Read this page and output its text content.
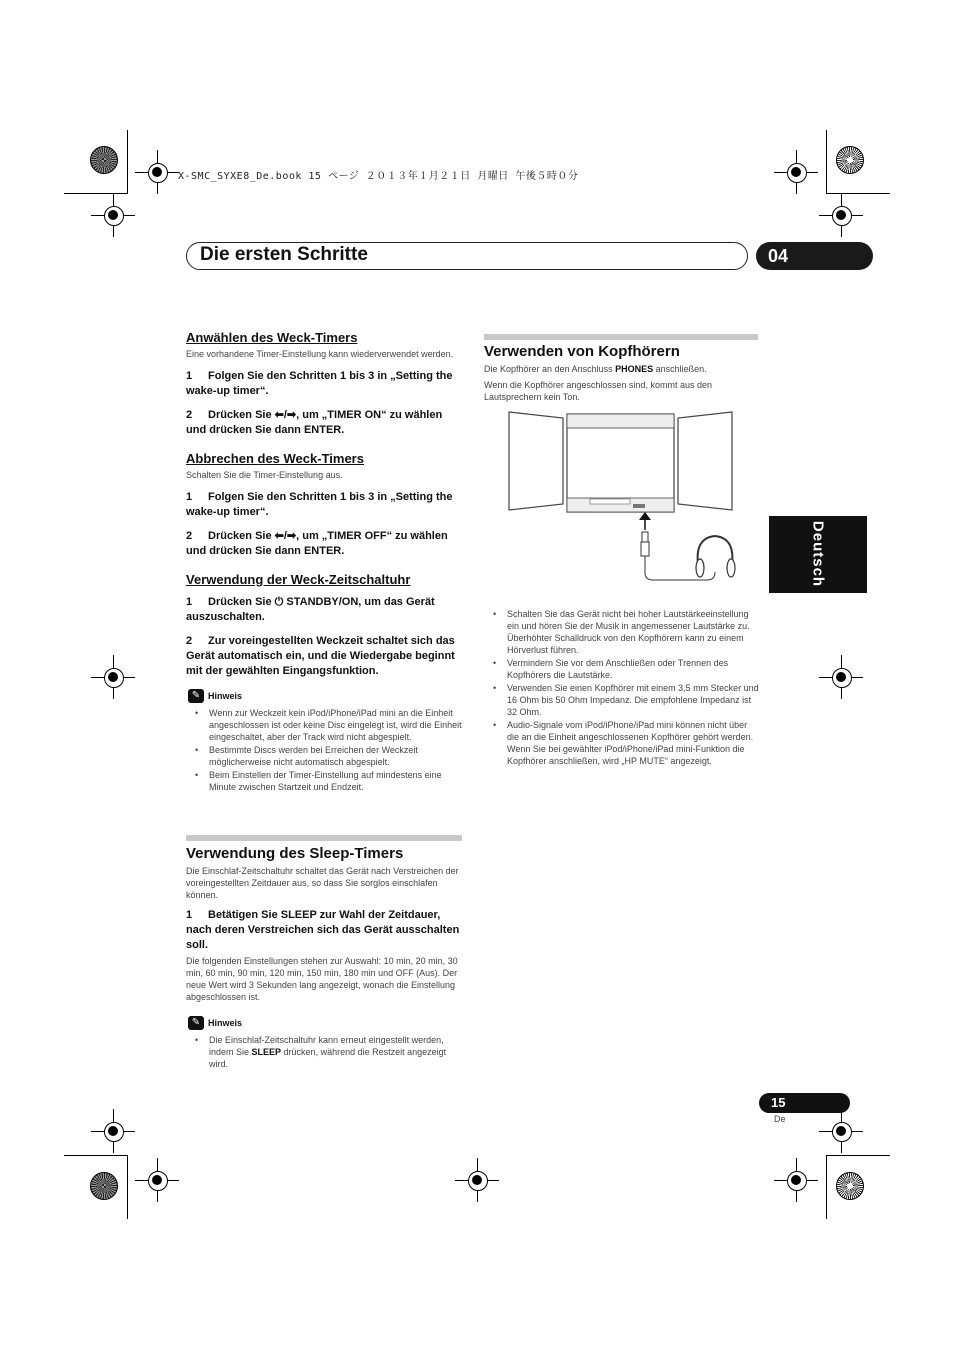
X-SMC_SYXE8_De.book 15 ページ ２０１３年１月２１日 月曜日 午後５時０分
Die ersten Schritte	04
Deutsch
Anwählen des Weck-Timers
Eine vorhandene Timer-Einstellung kann wiederverwendet werden.
1 Folgen Sie den Schritten 1 bis 3 in „Setting the wake-up timer“.
2 Drücken Sie ⬅/➡, um „TIMER ON“ zu wählen und drücken Sie dann ENTER.
Abbrechen des Weck-Timers
Schalten Sie die Timer-Einstellung aus.
1 Folgen Sie den Schritten 1 bis 3 in „Setting the wake-up timer“.
2 Drücken Sie ⬅/➡, um „TIMER OFF“ zu wählen und drücken Sie dann ENTER.
Verwendung der Weck-Zeitschaltuhr
1 Drücken Sie ⏻ STANDBY/ON, um das Gerät auszuschalten.
2 Zur voreingestellten Weckzeit schaltet sich das Gerät automatisch ein, und die Wiedergabe beginnt mit der gewählten Eingangsfunktion.
✎ Hinweis
• Wenn zur Weckzeit kein iPod/iPhone/iPad mini an die Einheit angeschlossen ist oder keine Disc eingelegt ist, wird die Einheit eingeschaltet, aber der Track wird nicht abgespielt.
• Bestimmte Discs werden bei Erreichen der Weckzeit möglicherweise nicht automatisch abgespielt.
• Beim Einstellen der Timer-Einstellung auf mindestens eine Minute zwischen Startzeit und Endzeit.
Verwendung des Sleep-Timers
Die Einschlaf-Zeitschaltuhr schaltet das Gerät nach Verstreichen der voreingestellten Zeitdauer aus, so dass Sie sorglos einschlafen können.
1 Betätigen Sie SLEEP zur Wahl der Zeitdauer, nach deren Verstreichen sich das Gerät ausschalten soll.
Die folgenden Einstellungen stehen zur Auswahl: 10 min, 20 min, 30 min, 60 min, 90 min, 120 min, 150 min, 180 min und OFF (Aus). Der neue Wert wird 3 Sekunden lang angezeigt, wonach die Einstellung abgeschlossen ist.
✎ Hinweis
• Die Einschlaf-Zeitschaltuhr kann erneut eingestellt werden, indem Sie SLEEP drücken, während die Restzeit angezeigt wird.
Verwenden von Kopfhörern
Die Kopfhörer an den Anschluss PHONES anschließen.
Wenn die Kopfhörer angeschlossen sind, kommt aus den Lautsprechern kein Ton.
• Schalten Sie das Gerät nicht bei hoher Lautstärkeeinstellung ein und hören Sie der Musik in angemessener Lautstärke zu. Überhöhter Schalldruck von den Kopfhörern kann zu einem Hörverlust führen.
• Vermindern Sie vor dem Anschließen oder Trennen des Kopfhörers die Lautstärke.
• Verwenden Sie einen Kopfhörer mit einem 3,5 mm Stecker und 16 Ohm bis 50 Ohm Impedanz. Die empfohlene Impedanz ist 32 Ohm.
• Audio-Signale vom iPod/iPhone/iPad mini können nicht über die an die Einheit angeschlossenen Kopfhörer gehört werden. Wenn Sie bei gewählter iPod/iPhone/iPad mini-Funktion die Kopfhörer anschließen, wird „HP MUTE“ angezeigt.
15
De
